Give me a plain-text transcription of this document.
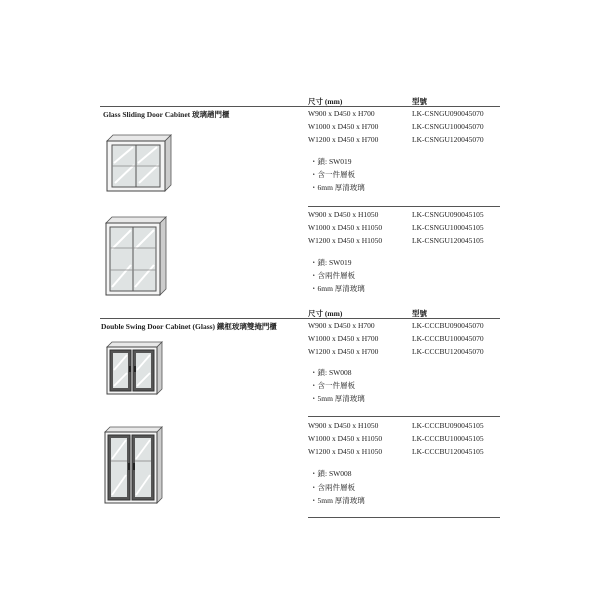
尺寸 (mm)	型號
Glass Sliding Door Cabinet 玻璃趟門櫃	W900 x D450 x H700	LK-CSNGU090045070
W1000 x D450 x H700	LK-CSNGU100045070
W1200 x D450 x H700	LK-CSNGU120045070
・鎖: SW019
・含一件層板
・6mm 厚清玻璃
W900 x D450 x H1050	LK-CSNGU090045105
W1000 x D450 x H1050	LK-CSNGU100045105
W1200 x D450 x H1050	LK-CSNGU120045105
・鎖: SW019
・含兩件層板
・6mm 厚清玻璃
尺寸 (mm)	型號
Double Swing Door Cabinet (Glass) 鐵框玻璃雙掩門櫃	W900 x D450 x H700	LK-CCCBU090045070
W1000 x D450 x H700	LK-CCCBU100045070
W1200 x D450 x H700	LK-CCCBU120045070
・鎖: SW008
・含一件層板
・5mm 厚清玻璃
W900 x D450 x H1050	LK-CCCBU090045105
W1000 x D450 x H1050	LK-CCCBU100045105
W1200 x D450 x H1050	LK-CCCBU120045105
・鎖: SW008
・含兩件層板
・5mm 厚清玻璃
